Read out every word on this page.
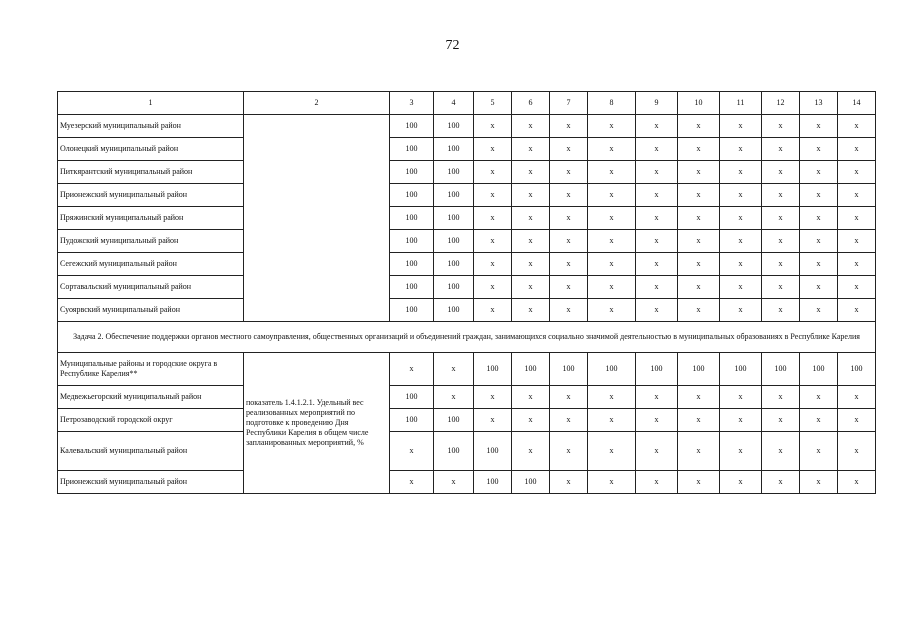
72
1	2	3	4	5	6	7	8	9	10	11	12	13	14
Муезерский муниципальный район		100	100	х	х	х	х	х	х	х	х	х	х
Олонецкий муниципальный район		100	100	х	х	х	х	х	х	х	х	х	х
Питкярантский муниципальный район		100	100	х	х	х	х	х	х	х	х	х	х
Прионежский муниципальный район		100	100	х	х	х	х	х	х	х	х	х	х
Пряжинский муниципальный район		100	100	х	х	х	х	х	х	х	х	х	х
Пудожский муниципальный район		100	100	х	х	х	х	х	х	х	х	х	х
Сегежский муниципальный район		100	100	х	х	х	х	х	х	х	х	х	х
Сортавальский муниципальный район		100	100	х	х	х	х	х	х	х	х	х	х
Суоярвский муниципальный район		100	100	х	х	х	х	х	х	х	х	х	х
Задача 2. Обеспечение поддержки органов местного самоуправления, общественных организаций и объединений граждан, занимающихся социально значимой деятельностью в муниципальных образованиях в Республике Карелия													
Муниципальные районы и городские округа в Республике Карелия**	показатель 1.4.1.2.1. Удельный вес реализованных мероприятий по подготовке к проведению Дня Республики Карелия в общем числе запланированных мероприятий, %	х	х	100	100	100	100	100	100	100	100	100	100
Медвежьегорский муниципальный район		100	х	х	х	х	х	х	х	х	х	х	х
Петрозаводский городской округ		100	100	х	х	х	х	х	х	х	х	х	х
Калевальский муниципальный район		х	100	100	х	х	х	х	х	х	х	х	х
Прионежский муниципальный район		х	х	100	100	х	х	х	х	х	х	х	х
